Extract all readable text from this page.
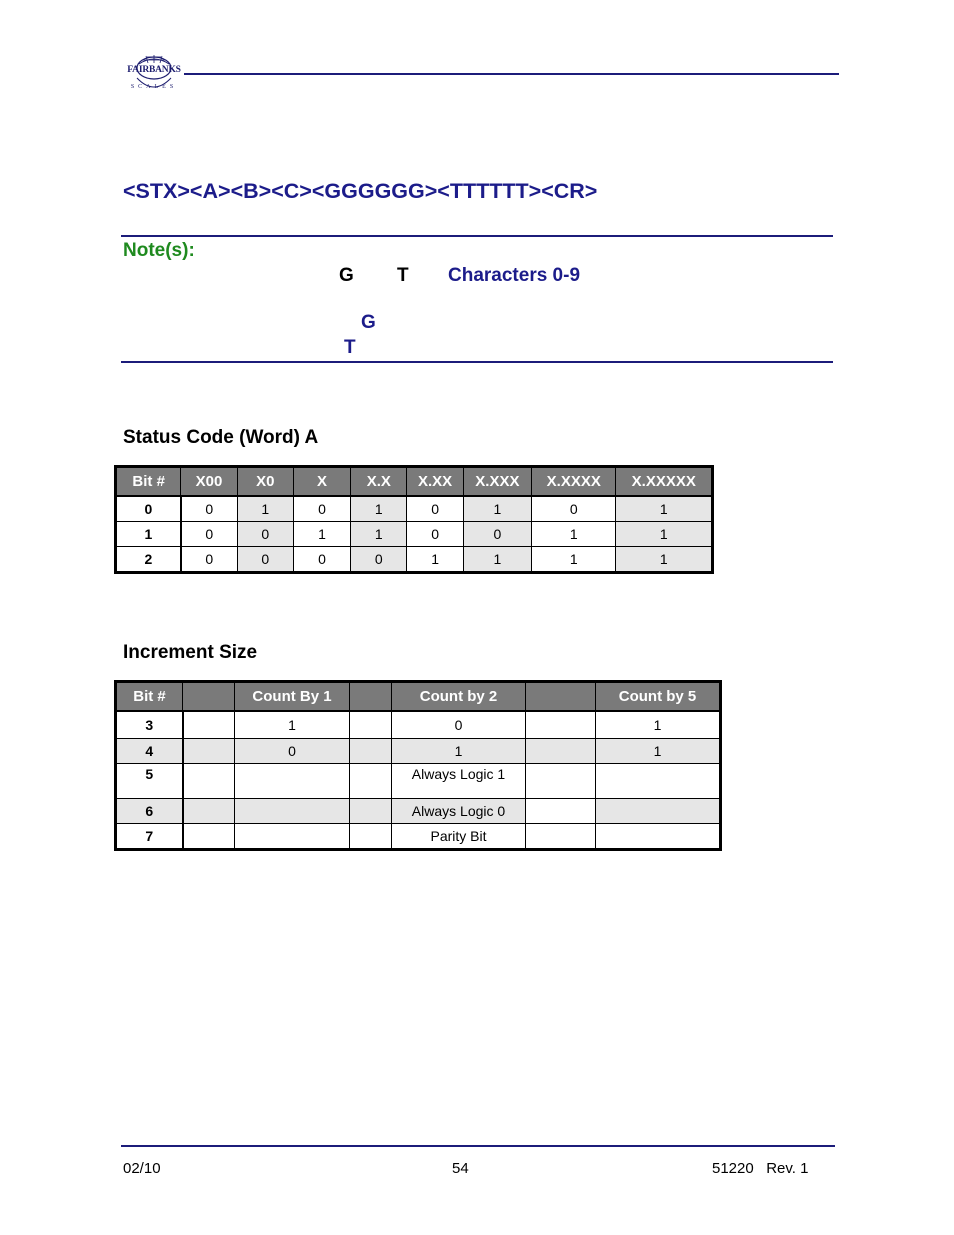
FAIRBANKS
SCALES
<STX><A><B><C><GGGGGG><TTTTTT><CR>
Note(s):
G T Characters 0-9
G
T
Status Code (Word) A
Bit #	X00	X0	X	X.X	X.XX	X.XXX	X.XXXX	X.XXXXX
0	0	1	0	1	0	1	0	1
1	0	0	1	1	0	0	1	1
2	0	0	0	0	1	1	1	1
Increment Size
Bit #		Count By 1		Count by 2		Count by 5
3		1		0		1
4		0		1		1
5				Always Logic 1		
6				Always Logic 0		
7				Parity Bit		
02/10	54	51220   Rev. 1
